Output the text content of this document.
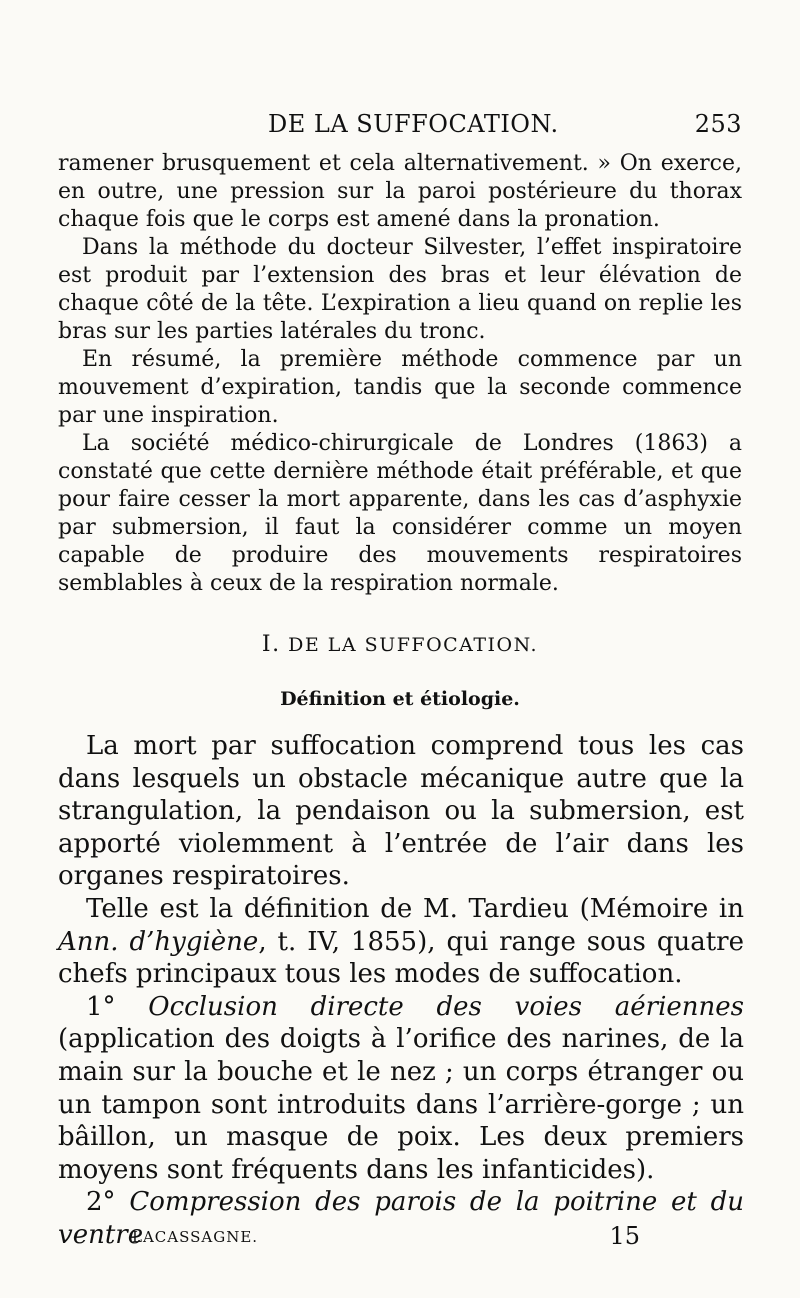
DE LA SUFFOCATION.	253

ramener brusquement et cela alternativement. » On exerce, en outre, une pression sur la paroi postérieure du thorax chaque fois que le corps est amené dans la pronation.

Dans la méthode du docteur Silvester, l’effet inspiratoire est produit par l’extension des bras et leur élévation de chaque côté de la tête. L’expiration a lieu quand on replie les bras sur les parties latérales du tronc.

En résumé, la première méthode commence par un mouvement d’expiration, tandis que la seconde commence par une inspiration.

La société médico-chirurgicale de Londres (1863) a constaté que cette dernière méthode était préférable, et que pour faire cesser la mort apparente, dans les cas d’asphyxie par submersion, il faut la considérer comme un moyen capable de produire des mouvements respiratoires semblables à ceux de la respiration normale.

I. DE LA SUFFOCATION.
Définition et étiologie.

La mort par suffocation comprend tous les cas dans lesquels un obstacle mécanique autre que la strangulation, la pendaison ou la submersion, est apporté violemment à l’entrée de l’air dans les organes respiratoires.

Telle est la définition de M. Tardieu (Mémoire in Ann. d’hygiène, t. IV, 1855), qui range sous quatre chefs principaux tous les modes de suffocation.

1° Occlusion directe des voies aériennes (application des doigts à l’orifice des narines, de la main sur la bouche et le nez ; un corps étranger ou un tampon sont introduits dans l’arrière-gorge ; un bâillon, un masque de poix. Les deux premiers moyens sont fréquents dans les infanticides).

2° Compression des parois de la poitrine et du ventre

LACASSAGNE.	15
